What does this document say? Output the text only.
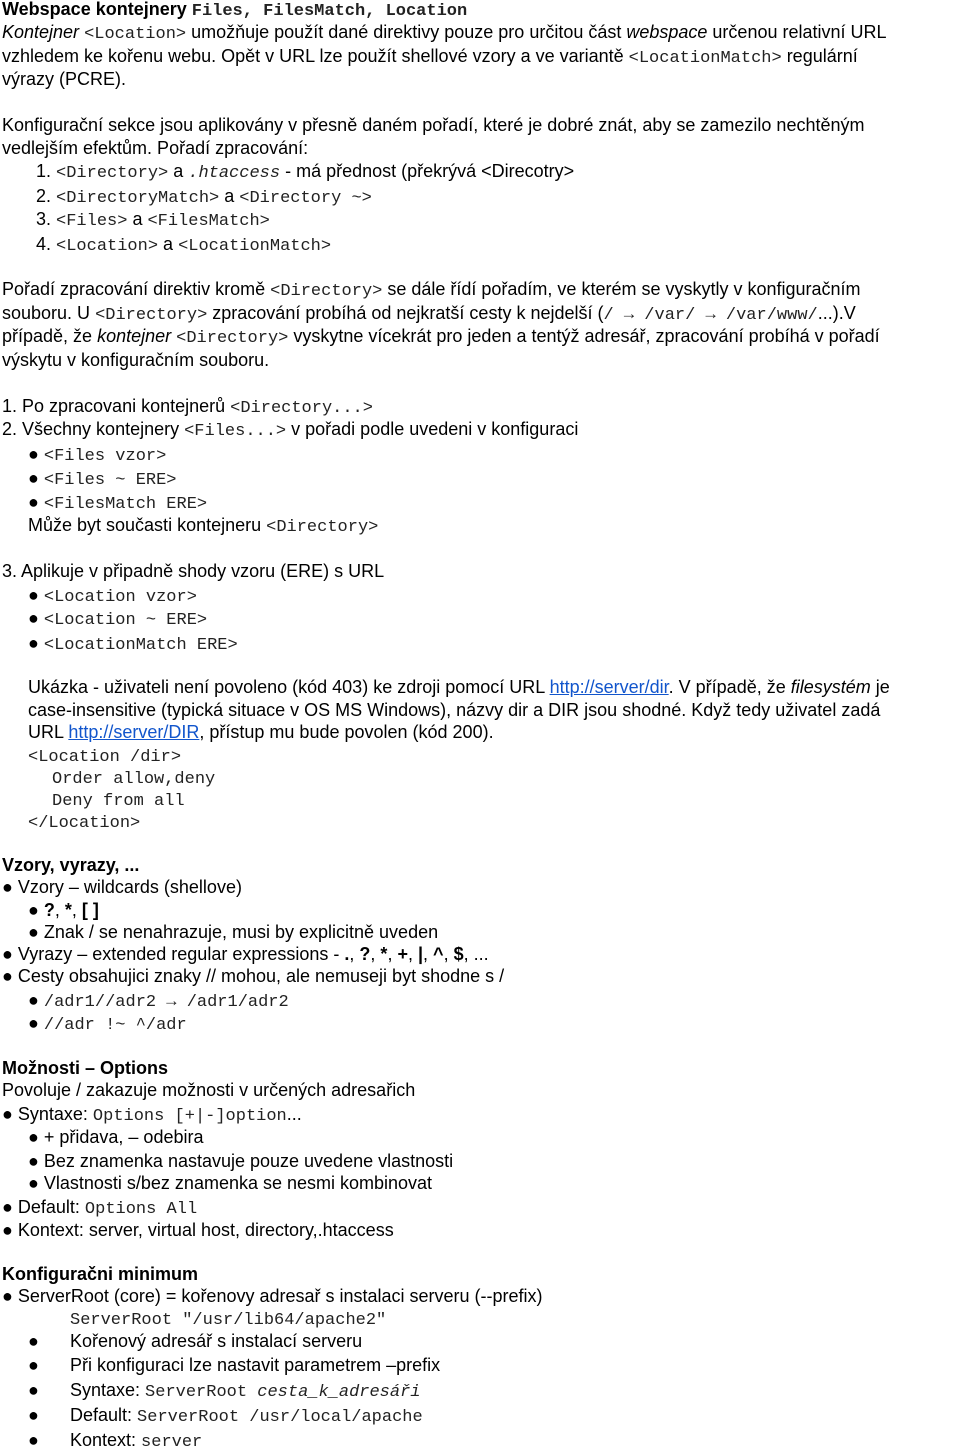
Webspace kontejnery Files, FilesMatch, Location
Kontejner <Location> umožňuje použít dané direktivy pouze pro určitou část webspace určenou relativní URL
vzhledem ke kořenu webu. Opět v URL lze použít shellové vzory a ve variantě <LocationMatch> regulární
výrazy (PCRE).
Konfigurační sekce jsou aplikovány v přesně daném pořadí, které je dobré znát, aby se zamezilo nechtěným
vedlejším efektům. Pořadí zpracování:
1. <Directory> a .htaccess - má přednost (překrývá <Direcotry>
2. <DirectoryMatch> a <Directory ~>
3. <Files> a <FilesMatch>
4. <Location> a <LocationMatch>
Pořadí zpracování direktiv kromě <Directory> se dále řídí pořadím, ve kterém se vyskytly v konfiguračním
souboru. U <Directory> zpracování probíhá od nejkratší cesty k nejdelší (/ → /var/ → /var/www/...).V
případě, že kontejner <Directory> vyskytne vícekrát pro jeden a tentýž adresář, zpracování probíhá v pořadí
výskytu v konfiguračním souboru.
1. Po zpracovani kontejnerů <Directory...>
2. Všechny kontejnery <Files...> v pořadi podle uvedeni v konfiguraci
● <Files vzor>
● <Files ~ ERE>
● <FilesMatch ERE>
Může byt současti kontejneru <Directory>
3. Aplikuje v připadně shody vzoru (ERE) s URL
● <Location vzor>
● <Location ~ ERE>
● <LocationMatch ERE>
Ukázka - uživateli není povoleno (kód 403) ke zdroji pomocí URL http://server/dir. V případě, že filesystém je
case-insensitive (typická situace v OS MS Windows), názvy dir a DIR jsou shodné. Když tedy uživatel zadá
URL http://server/DIR, přístup mu bude povolen (kód 200).
<Location /dir>
Order allow,deny
Deny from all
</Location>
Vzory, vyrazy, ...
● Vzory – wildcards (shellove)
● ?, *, [ ]
● Znak / se nenahrazuje, musi by explicitně uveden
● Vyrazy – extended regular expressions - ., ?, *, +, |, ^, $, ...
● Cesty obsahujici znaky // mohou, ale nemuseji byt shodne s /
● /adr1//adr2 → /adr1/adr2
● //adr !~ ^/adr
Možnosti – Options
Povoluje / zakazuje možnosti v určených adresařich
● Syntaxe: Options [+|-]option...
● + přidava, – odebira
● Bez znamenka nastavuje pouze uvedene vlastnosti
● Vlastnosti s/bez znamenka se nesmi kombinovat
● Default: Options All
● Kontext: server, virtual host, directory,.htaccess
Konfiguračni minimum
● ServerRoot (core) = kořenovy adresař s instalaci serveru (--prefix)
ServerRoot "/usr/lib64/apache2"
● Kořenový adresář s instalací serveru
● Při konfiguraci lze nastavit parametrem –prefix
● Syntaxe: ServerRoot cesta_k_adresáři
● Default: ServerRoot /usr/local/apache
● Kontext: server
